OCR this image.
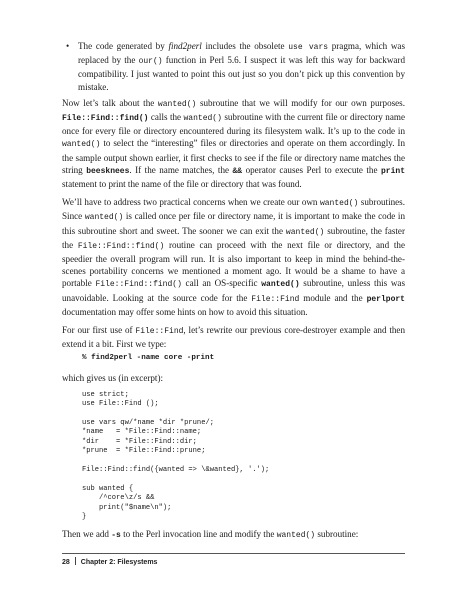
• The code generated by find2perl includes the obsolete use vars pragma, which was replaced by the our() function in Perl 5.6. I suspect it was left this way for backward compatibility. I just wanted to point this out just so you don’t pick up this convention by mistake.

Now let’s talk about the wanted() subroutine that we will modify for our own purposes. File::Find::find() calls the wanted() subroutine with the current file or directory name once for every file or directory encountered during its filesystem walk. It’s up to the code in wanted() to select the “interesting” files or directories and operate on them accordingly. In the sample output shown earlier, it first checks to see if the file or directory name matches the string beesknees. If the name matches, the && operator causes Perl to execute the print statement to print the name of the file or directory that was found.

We’ll have to address two practical concerns when we create our own wanted() subroutines. Since wanted() is called once per file or directory name, it is important to make the code in this subroutine short and sweet. The sooner we can exit the wanted() subroutine, the faster the File::Find::find() routine can proceed with the next file or directory, and the speedier the overall program will run. It is also important to keep in mind the behind-the-scenes portability concerns we mentioned a moment ago. It would be a shame to have a portable File::Find::find() call an OS-specific wanted() subroutine, unless this was unavoidable. Looking at the source code for the File::Find module and the perlport documentation may offer some hints on how to avoid this situation.

For our first use of File::Find, let’s rewrite our previous core-destroyer example and then extend it a bit. First we type:

% find2perl -name core -print

which gives us (in excerpt):

use strict;
use File::Find ();

use vars qw/*name *dir *prune/;
*name   = *File::Find::name;
*dir    = *File::Find::dir;
*prune  = *File::Find::prune;

File::Find::find({wanted => \&wanted}, '.');

sub wanted {
/^core\z/s &&
print("$name\n");
}

Then we add -s to the Perl invocation line and modify the wanted() subroutine:

28 Chapter 2: Filesystems
